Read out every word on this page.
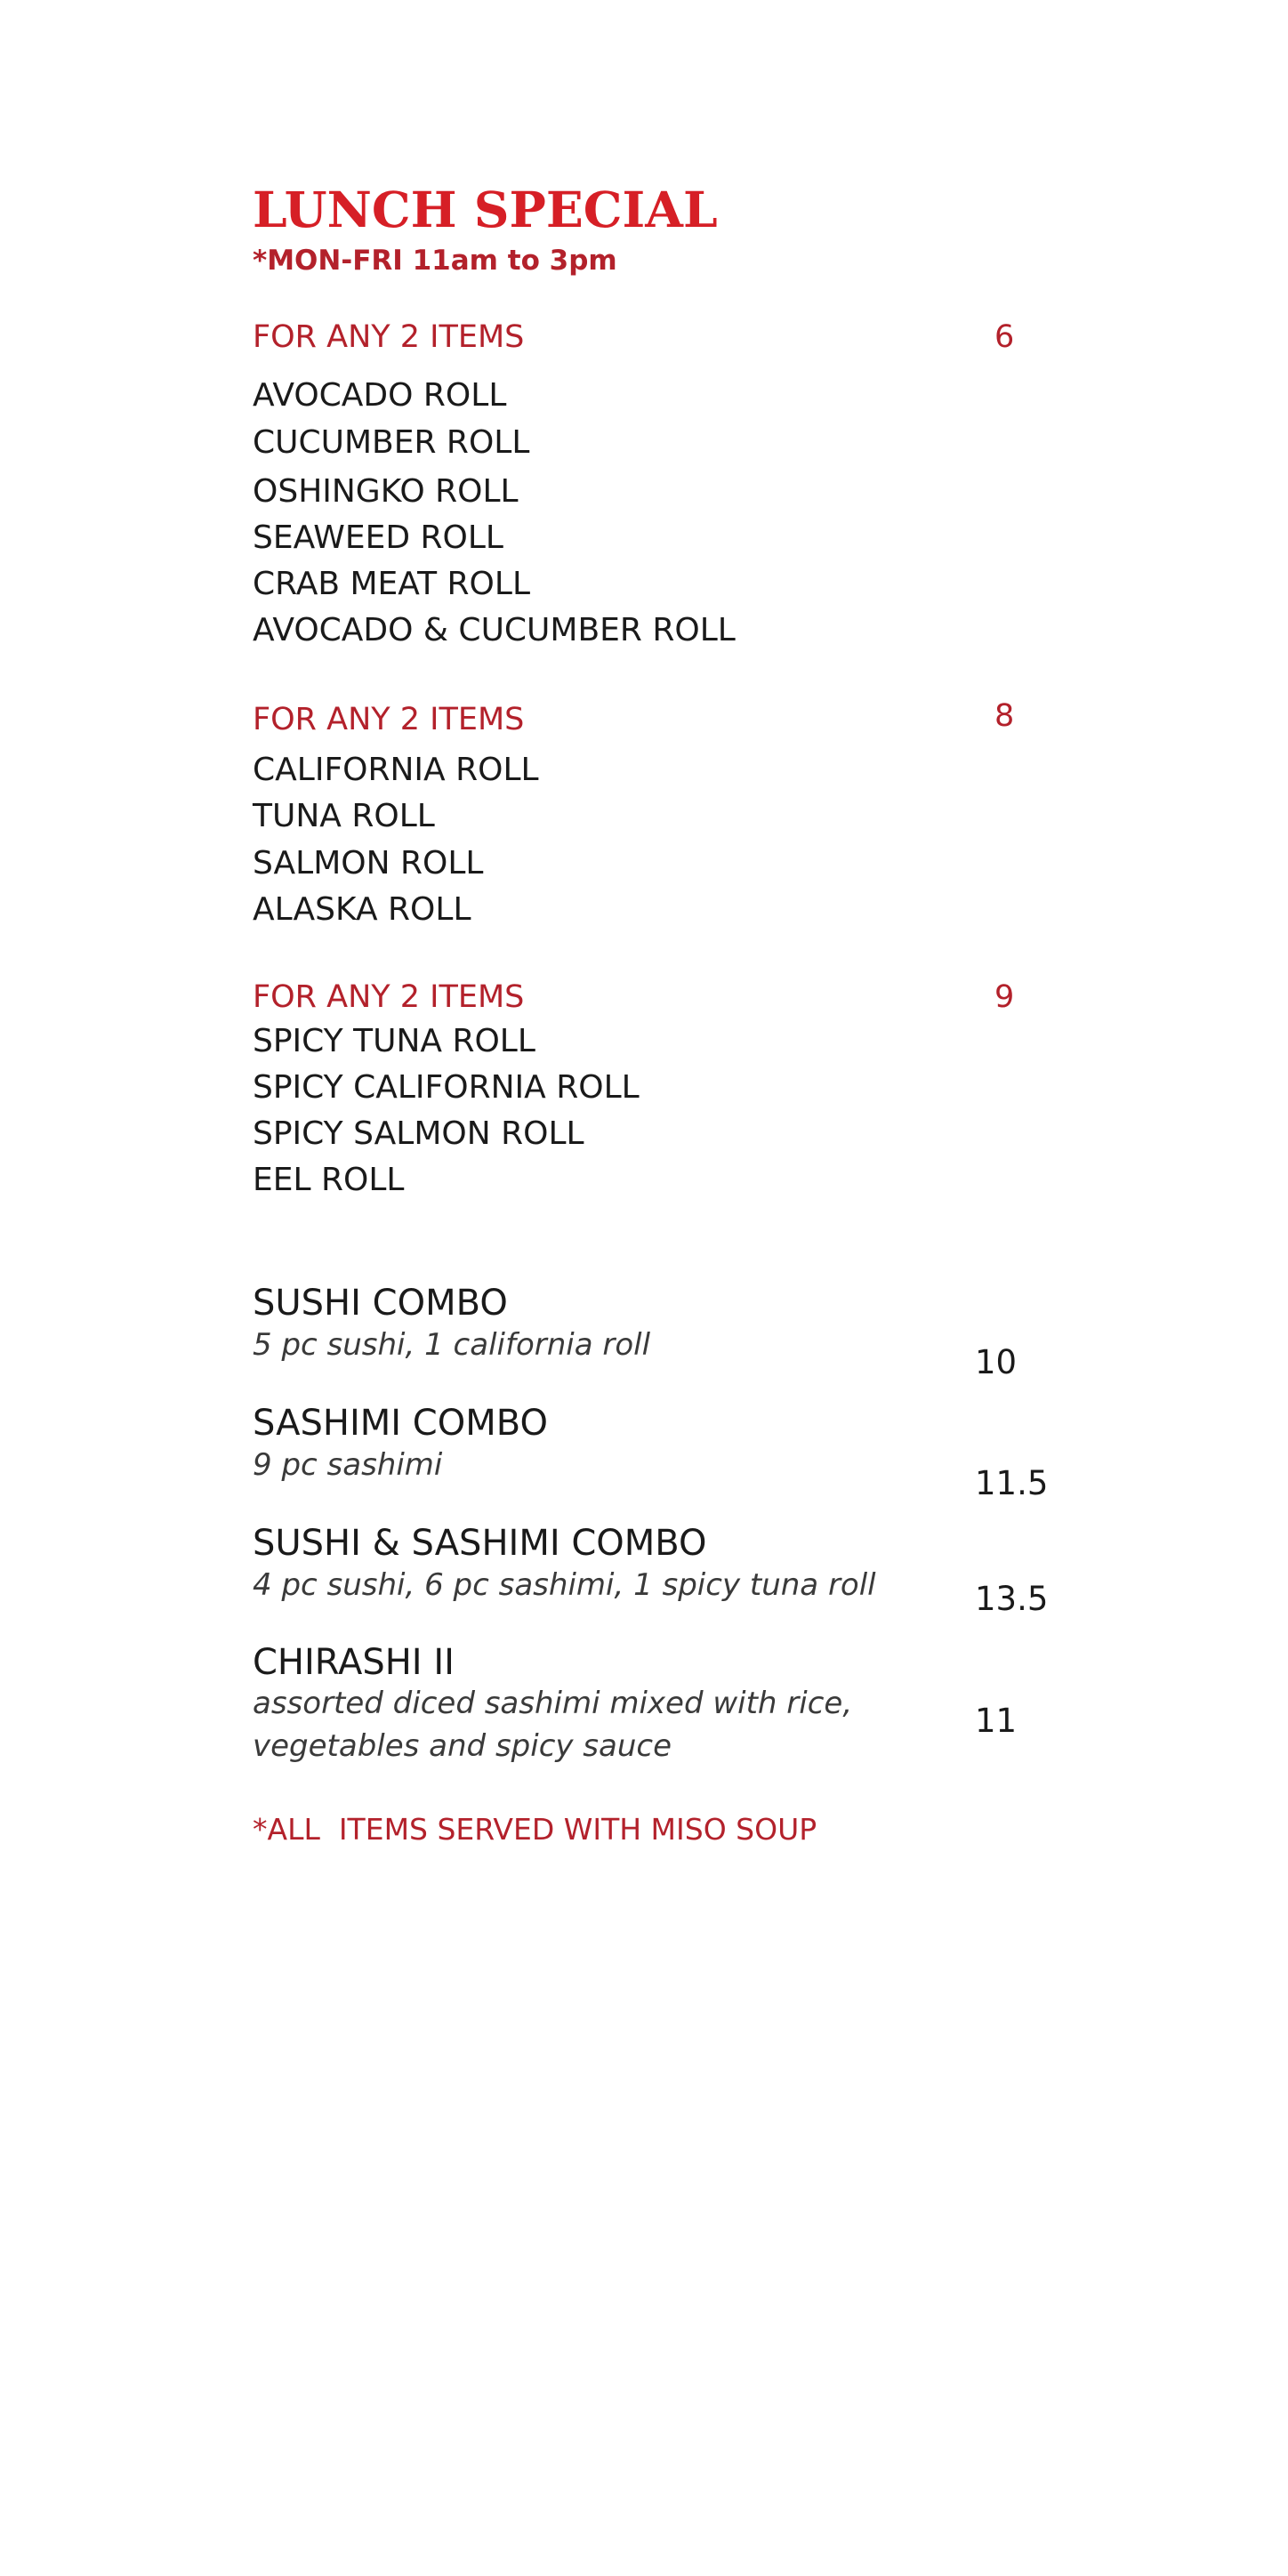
LUNCH SPECIAL
*MON-FRI 11am to 3pm
FOR ANY 2 ITEMS	6
AVOCADO ROLL
CUCUMBER ROLL
OSHINGKO ROLL
SEAWEED ROLL
CRAB MEAT ROLL
AVOCADO & CUCUMBER ROLL
FOR ANY 2 ITEMS	8
CALIFORNIA ROLL
TUNA ROLL
SALMON ROLL
ALASKA ROLL
FOR ANY 2 ITEMS	9
SPICY TUNA ROLL
SPICY CALIFORNIA ROLL
SPICY SALMON ROLL
EEL ROLL
SUSHI COMBO
5 pc sushi, 1 california roll	10
SASHIMI COMBO
9 pc sashimi	11.5
SUSHI & SASHIMI COMBO
4 pc sushi, 6 pc sashimi, 1 spicy tuna roll	13.5
CHIRASHI II
assorted diced sashimi mixed with rice,
vegetables and spicy sauce
11
*ALL  ITEMS SERVED WITH MISO SOUP
